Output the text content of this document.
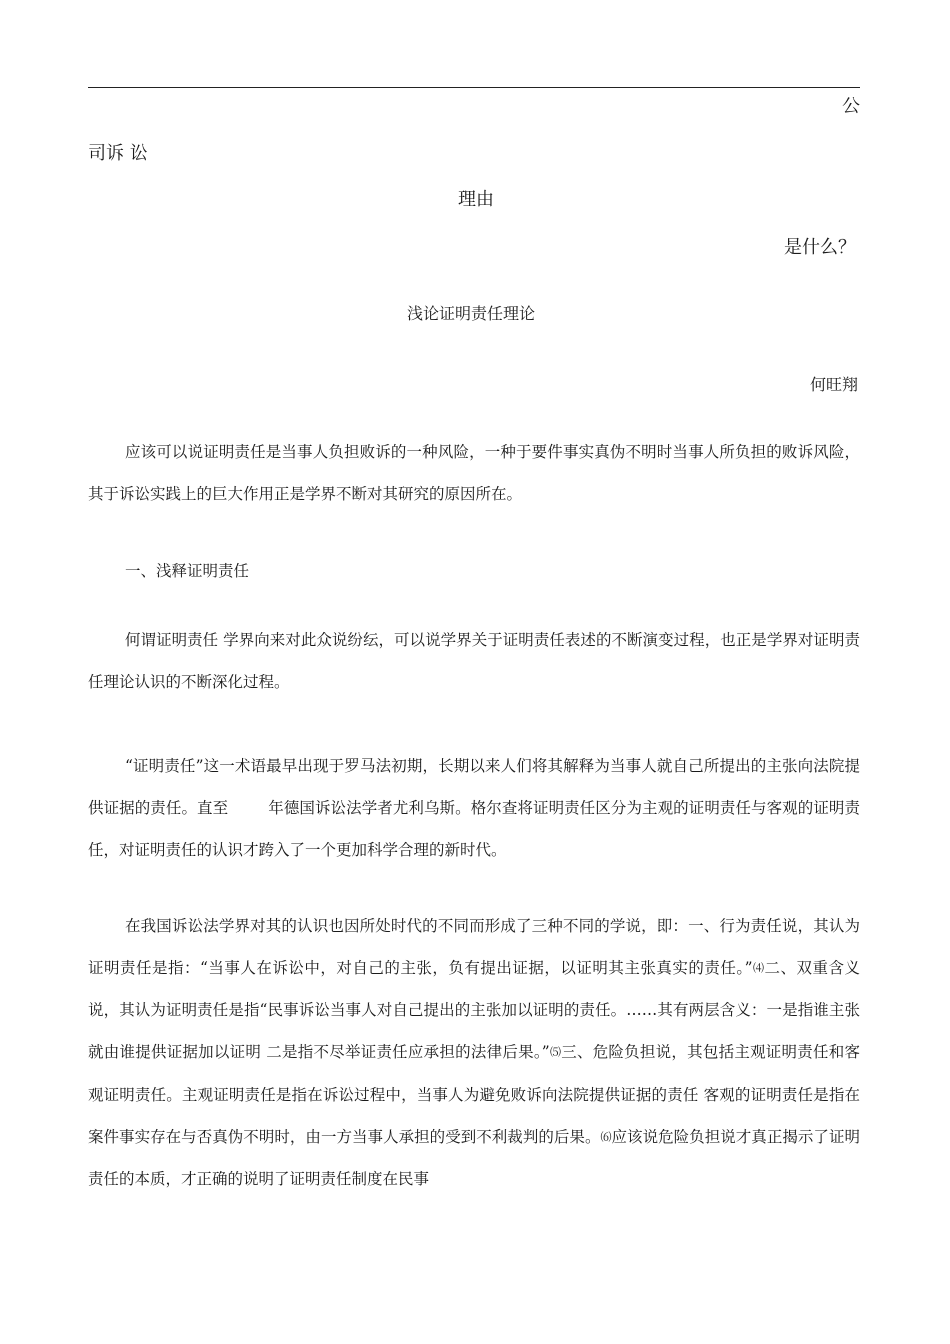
公
司诉 讼
理由
是什么？
浅论证明责任理论
何旺翔

应该可以说证明责任是当事人负担败诉的一种风险，一种于要件事实真伪不明时当事人所负担的败诉风险，其于诉讼实践上的巨大作用正是学界不断对其研究的原因所在。

一、浅释证明责任

何谓证明责任 学界向来对此众说纷纭，可以说学界关于证明责任表述的不断演变过程，也正是学界对证明责任理论认识的不断深化过程。

“证明责任”这一术语最早出现于罗马法初期，长期以来人们将其解释为当事人就自己所提出的主张向法院提供证据的责任。直至	年德国诉讼法学者尤利乌斯。格尔查将证明责任区分为主观的证明责任与客观的证明责任，对证明责任的认识才跨入了一个更加科学合理的新时代。

在我国诉讼法学界对其的认识也因所处时代的不同而形成了三种不同的学说，即：一、行为责任说，其认为证明责任是指：“当事人在诉讼中，对自己的主张，负有提出证据，以证明其主张真实的责任。”⑷二、双重含义说，其认为证明责任是指“民事诉讼当事人对自己提出的主张加以证明的责任。……其有两层含义：一是指谁主张就由谁提供证据加以证明 二是指不尽举证责任应承担的法律后果。”⑸三、危险负担说，其包括主观证明责任和客观证明责任。主观证明责任是指在诉讼过程中，当事人为避免败诉向法院提供证据的责任 客观的证明责任是指在案件事实存在与否真伪不明时，由一方当事人承担的受到不利裁判的后果。⑹应该说危险负担说才真正揭示了证明责任的本质，才正确的说明了证明责任制度在民事
